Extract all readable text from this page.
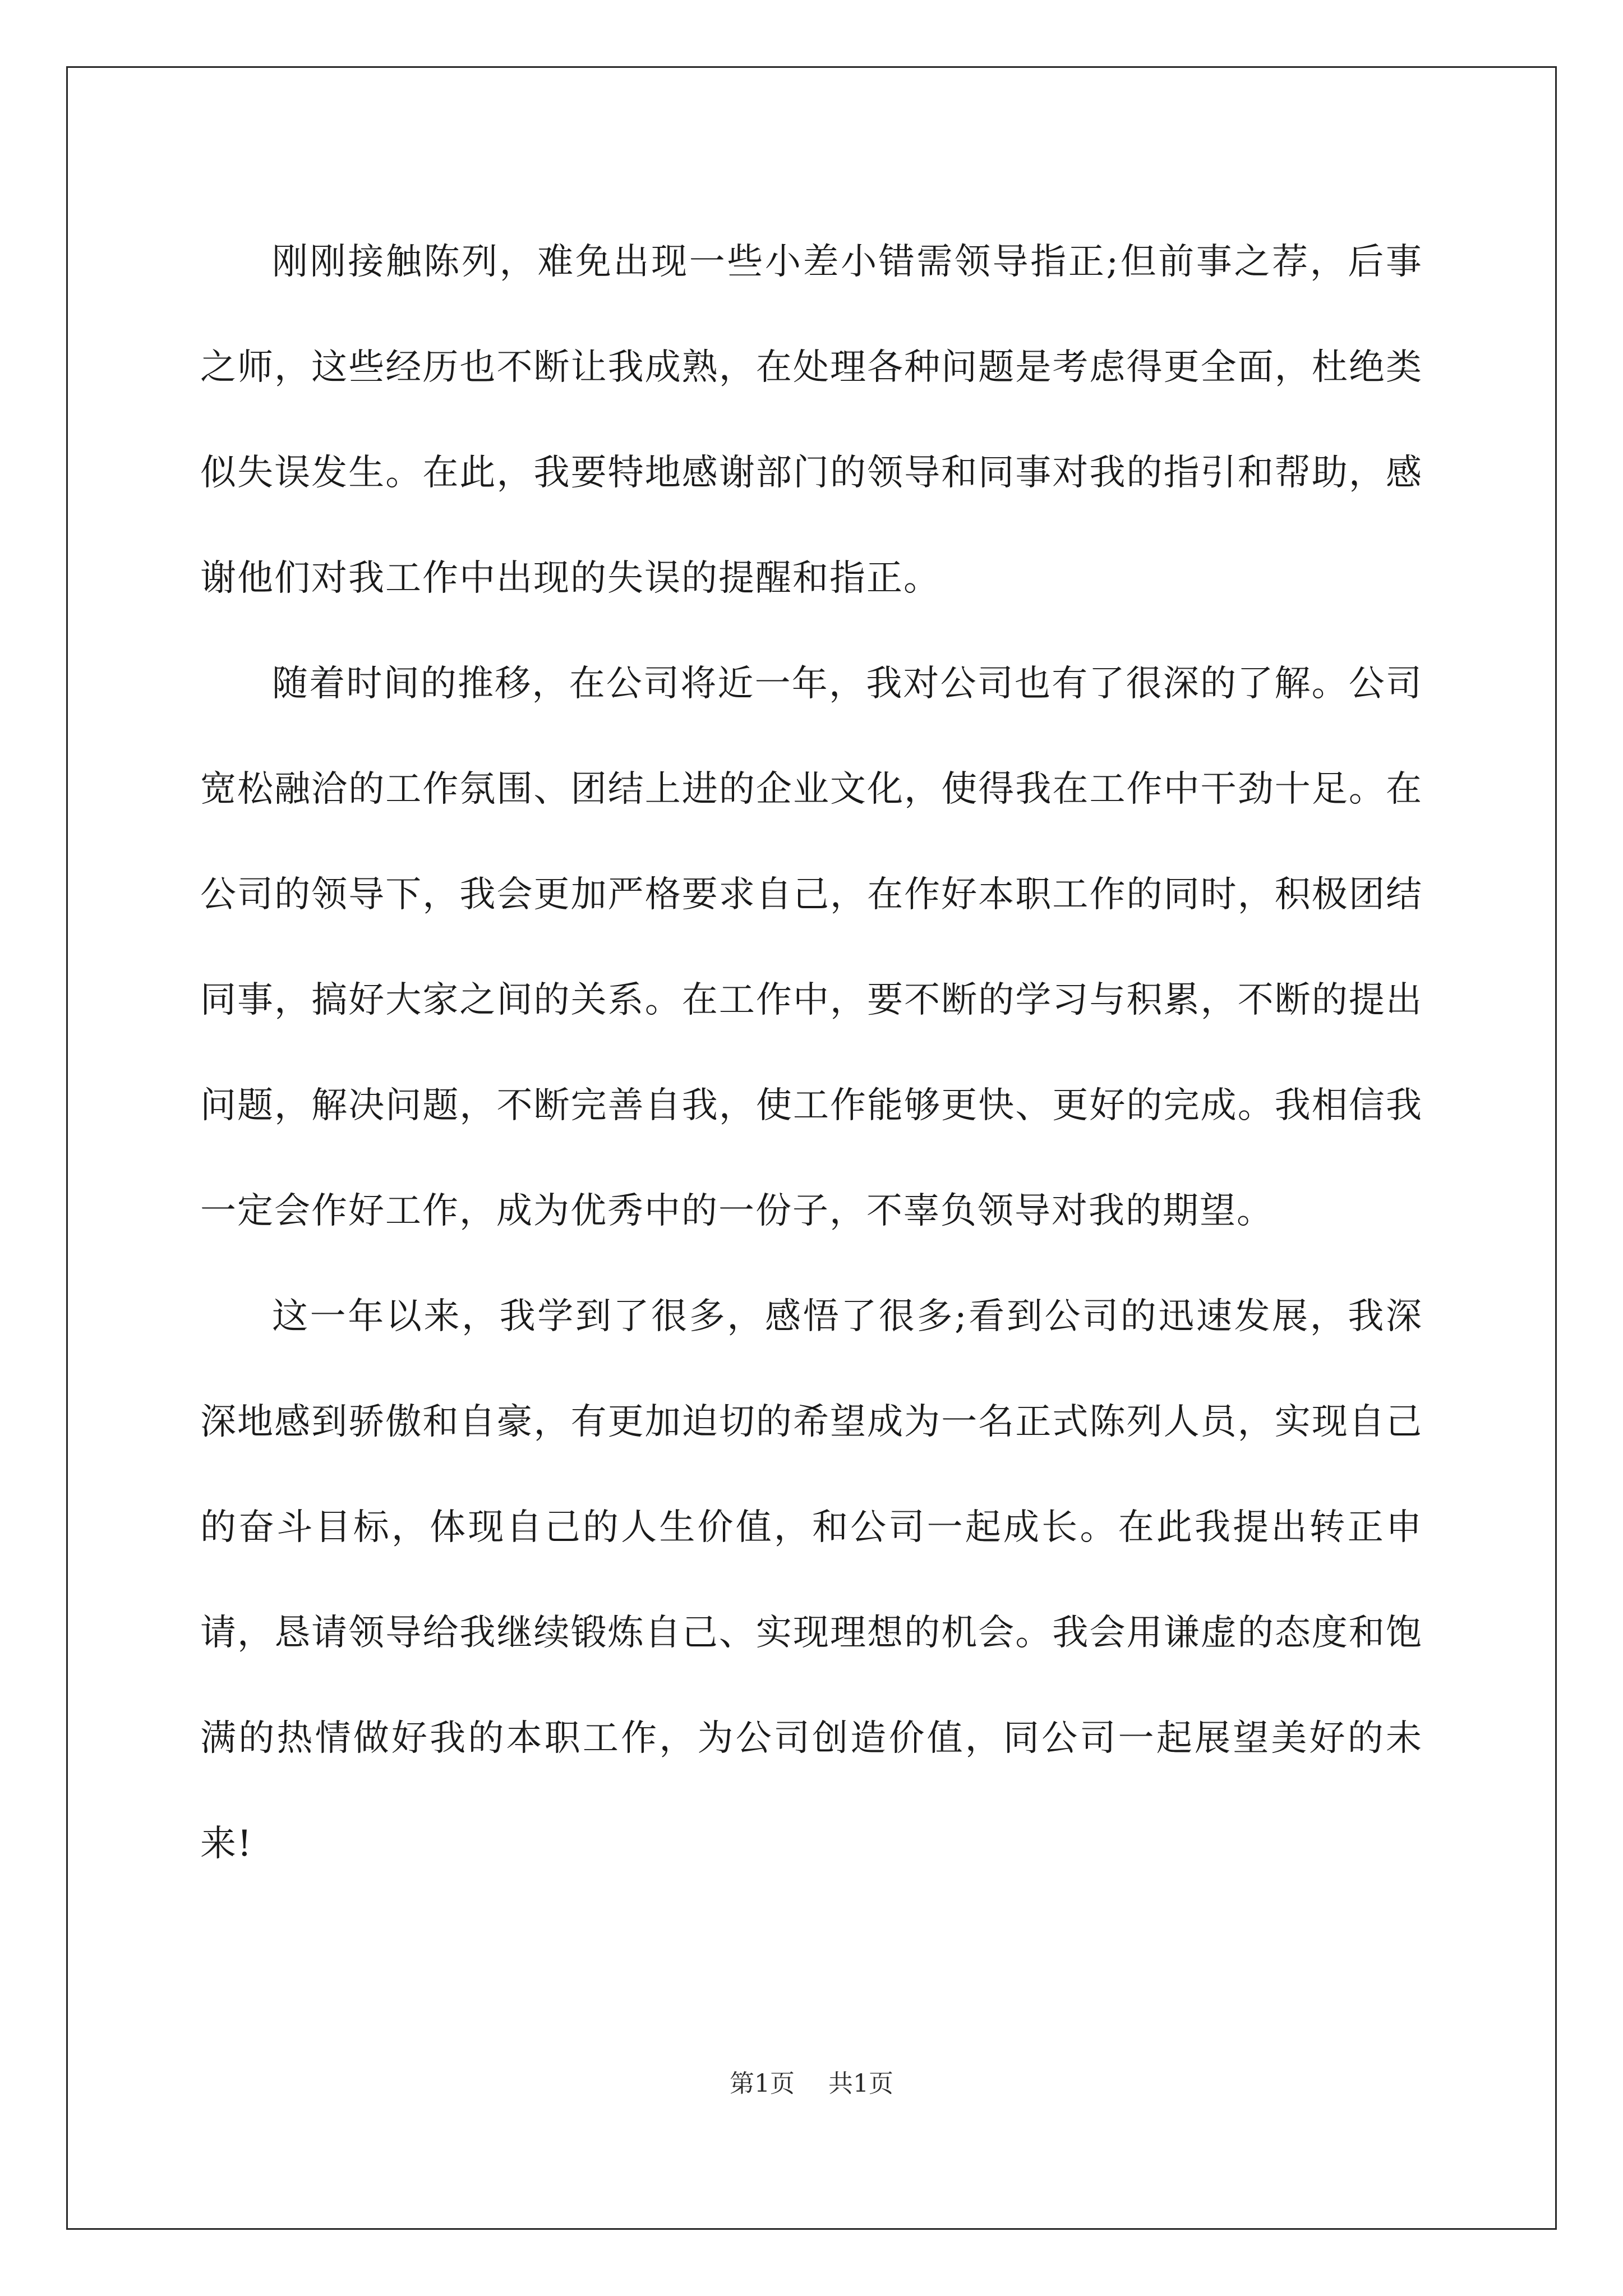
刚刚接触陈列，难免出现一些小差小错需领导指正;但前事之荐，后事之师，这些经历也不断让我成熟，在处理各种问题是考虑得更全面，杜绝类似失误发生。在此，我要特地感谢部门的领导和同事对我的指引和帮助，感谢他们对我工作中出现的失误的提醒和指正。

随着时间的推移，在公司将近一年，我对公司也有了很深的了解。公司宽松融洽的工作氛围、团结上进的企业文化，使得我在工作中干劲十足。在公司的领导下，我会更加严格要求自己，在作好本职工作的同时，积极团结同事，搞好大家之间的关系。在工作中，要不断的学习与积累，不断的提出问题，解决问题，不断完善自我，使工作能够更快、更好的完成。我相信我一定会作好工作，成为优秀中的一份子，不辜负领导对我的期望。

这一年以来，我学到了很多，感悟了很多;看到公司的迅速发展，我深深地感到骄傲和自豪，有更加迫切的希望成为一名正式陈列人员，实现自己的奋斗目标，体现自己的人生价值，和公司一起成长。在此我提出转正申请，恳请领导给我继续锻炼自己、实现理想的机会。我会用谦虚的态度和饱满的热情做好我的本职工作，为公司创造价值，同公司一起展望美好的未来!

第1页 共1页
